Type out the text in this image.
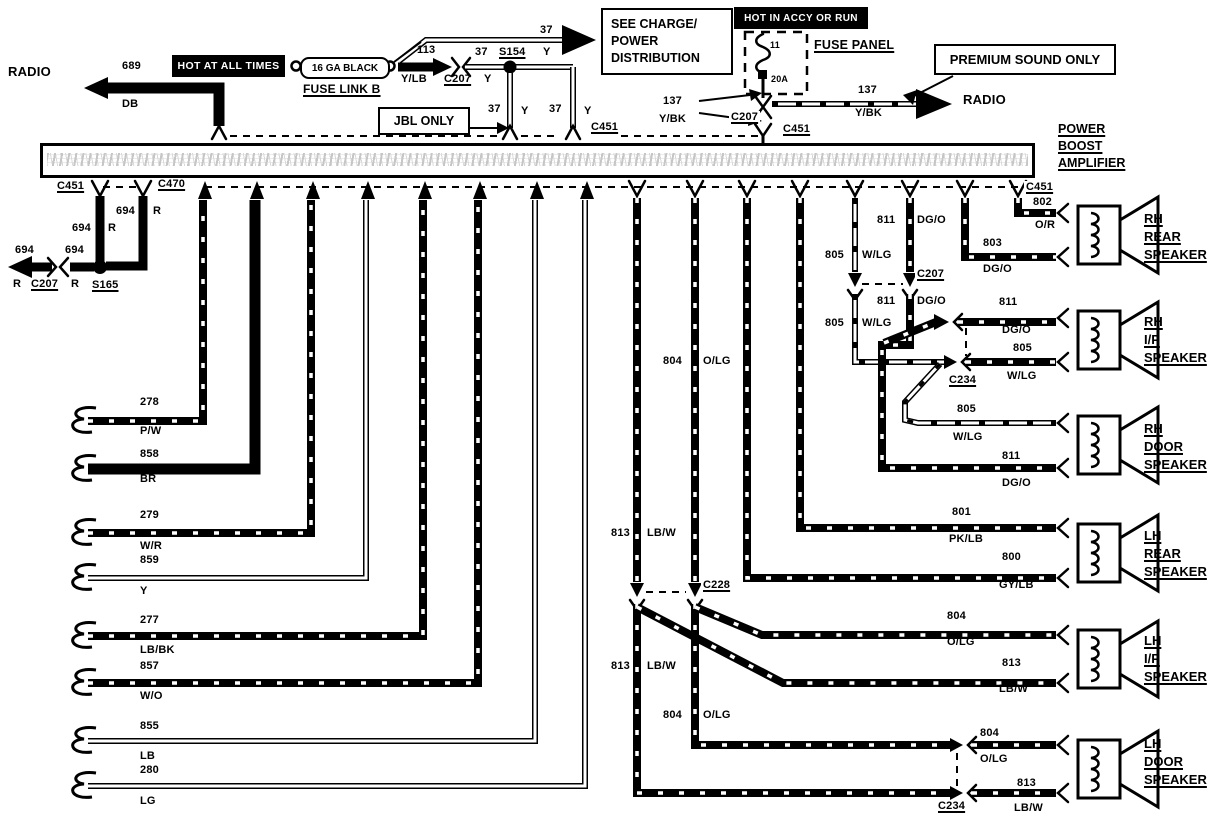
HOT AT ALL TIMES	16 GA BLACK
SEE CHARGE/
POWER
DISTRIBUTION
JBL ONLY
HOT IN ACCY OR RUN
PREMIUM SOUND ONLY
RADIO	689
DB
FUSE LINK B
113
Y/LB C207 Y
37 S154 Y
37
37 Y 37 Y
C451
11
20A
FUSE PANEL
137
Y/BK	C207
C451
137
Y/BK
RADIO
POWER
BOOST
AMPLIFIER
C451	C470
694 R
694 R
694
R C207
694
R S165
278
P/W
858
BR
279
W/R
859
Y
277
LB/BK
857
W/O
855
LB
280
LG
804 O/LG
813 LB/W
C228
813 LB/W
804 O/LG
805 W/LG
811 DG/O
C207
811 DG/O
805 W/LG
C234
C451
802
O/R
803
DG/O
811
DG/O
805
W/LG
805
W/LG
811
DG/O
801
PK/LB
800
GY/LB
804
O/LG
813
LB/W
804
O/LG
813
LB/W
C234
RH
REAR
SPEAKER
RH
I/P
SPEAKER
RH
DOOR
SPEAKER
LH
REAR
SPEAKER
LH
I/P
SPEAKER
LH
DOOR
SPEAKER
